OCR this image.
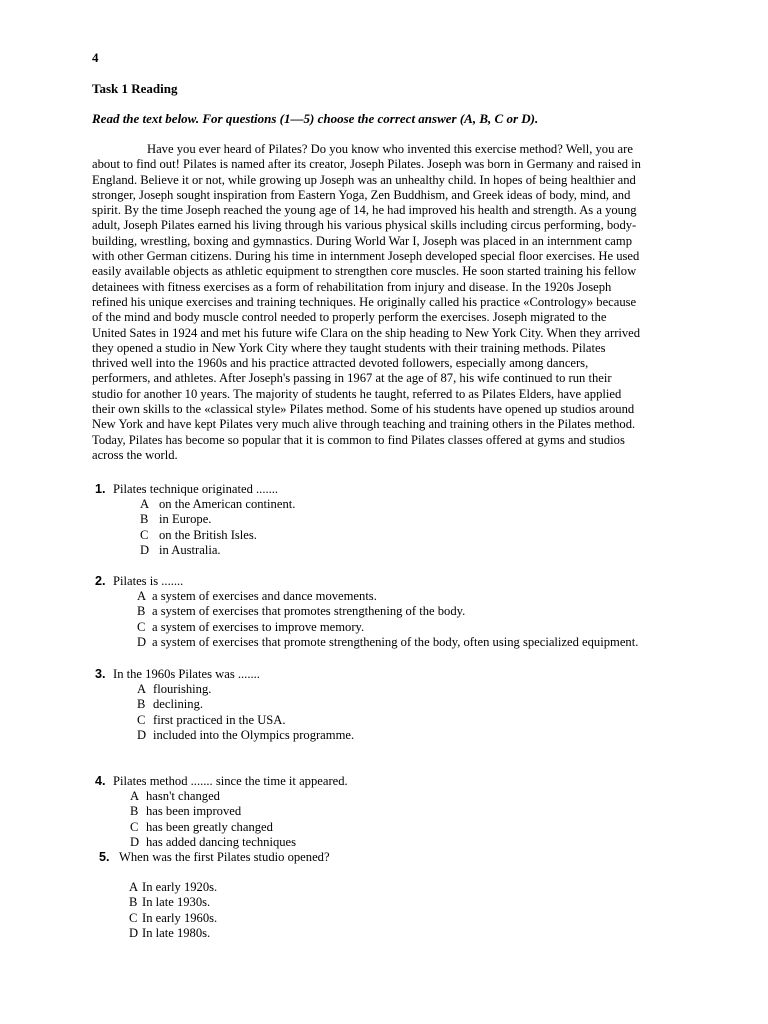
4
Task 1 Reading
Read the text below. For questions (1—5) choose the correct answer (A, B, C or D).
Have you ever heard of Pilates? Do you know who invented this exercise method? Well, you are
about to find out! Pilates is named after its creator, Joseph Pilates. Joseph was born in Germany and raised in
England. Believe it or not, while growing up Joseph was an unhealthy child. In hopes of being healthier and
stronger, Joseph sought inspiration from Eastern Yoga, Zen Buddhism, and Greek ideas of body, mind, and
spirit. By the time Joseph reached the young age of 14, he had improved his health and strength. As a young
adult, Joseph Pilates earned his living through his various physical skills including circus performing, body-
building, wrestling, boxing and gymnastics. During World War I, Joseph was placed in an internment camp
with other German citizens. During his time in internment Joseph developed special floor exercises. He used
easily available objects as athletic equipment to strengthen core muscles. He soon started training his fellow
detainees with fitness exercises as a form of rehabilitation from injury and disease. In the 1920s Joseph
refined his unique exercises and training techniques. He originally called his practice «Contrology» because
of the mind and body muscle control needed to properly perform the exercises. Joseph migrated to the
United Sates in 1924 and met his future wife Clara on the ship heading to New York City. When they arrived
they opened a studio in New York City where they taught students with their training methods. Pilates
thrived well into the 1960s and his practice attracted devoted followers, especially among dancers,
performers, and athletes. After Joseph's passing in 1967 at the age of 87, his wife continued to run their
studio for another 10 years. The majority of students he taught, referred to as Pilates Elders, have applied
their own skills to the «classical style» Pilates method. Some of his students have opened up studios around
New York and have kept Pilates very much alive through teaching and training others in the Pilates method.
Today, Pilates has become so popular that it is common to find Pilates classes offered at gyms and studios
across the world.
1. Pilates technique originated .......
A on the American continent.
B in Europe.
C on the British Isles.
D in Australia.
2. Pilates is .......
A a system of exercises and dance movements.
B a system of exercises that promotes strengthening of the body.
C a system of exercises to improve memory.
D a system of exercises that promote strengthening of the body, often using specialized equipment.
3. In the 1960s Pilates was .......
A flourishing.
B declining.
C first practiced in the USA.
D included into the Olympics programme.
4. Pilates method ....... since the time it appeared.
A hasn't changed
B has been improved
C has been greatly changed
D has added dancing techniques
5. When was the first Pilates studio opened?
A In early 1920s.
B In late 1930s.
C In early 1960s.
D In late 1980s.
